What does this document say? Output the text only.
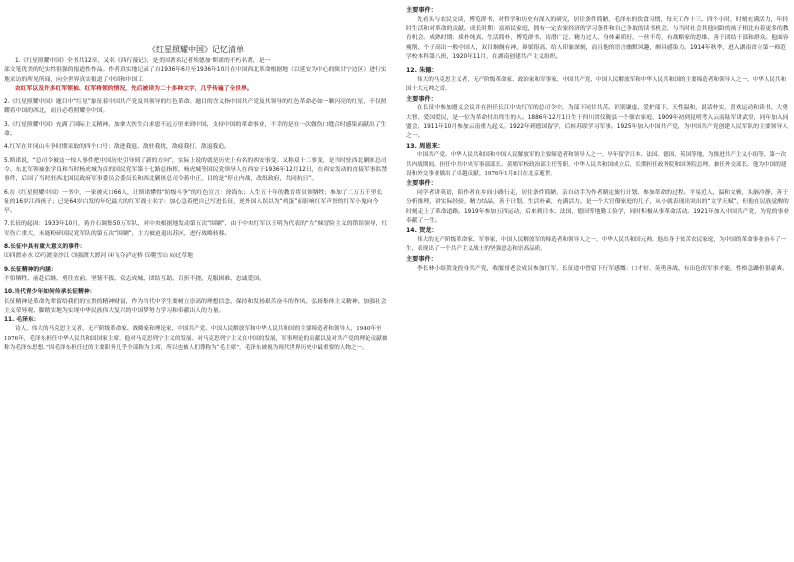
《红星照耀中国》记忆清单

1.《红星照耀中国》全书共12章，又名《西行漫记》，是美国著名记者埃德加·斯诺的不朽名著，是一

部文笔优美的纪实性很强的报道性作品。作者真实地记录了自1936年6月至1936年10月在中国西北革命根据地（以延安为中心的陕甘宁边区）进行实地采访的所见所闻，向全世界真实报道了中国和中国工

农红军以及许多红军领袖、红军将领的情况，先后被译为二十多种文字，几乎传遍了全世界。

2.《红星照耀中国》题目中“红星”象征着中国共产党及其领导的红色革命。题目的含义指中国共产党及其领导的红色革命必如一颗闪亮的红星，不仅照耀着中国的西北，而且必将照耀全中国。

3.《红星照耀中国》充满了国际主义精神。加拿大医生白求恩不远万里来到中国，支持中国的革命事业，不幸的是在一次做伤口缝合时感染而献出了生命。

4.红军在井冈山斗争时期采取的四个口号：敌进我退，敌驻我扰，敌疲我打，敌退我追。

5.斯诺说，“总司令被这一惊人事件把中国历史引导到了新的方向”，实际上说的就是历史上有名的西安事变。又称双十二事变，是当时驻西北剿匪总司令、东北军领袖张学良和当时杨虎城为首的国民党军第十七路总指挥，杨虎城等国民党领导人在西安于1936年12月12日，在西安发动的直接军事监禁事件，后国了当时驻西北国民政府军事委员会委员长和西北剿匪总司令蒋中正，目的是“停止内战，改组政府，共同抗日”。

6.在《红星照耀中国》一书中，一家被灭口66人，让斯诺懂得“阶级斗争”的红色宣言：徐海东；人生五十年的教育将员领牺牲；参加了二万五千里长征的16岁江西孩子；已是64岁白发的年纪最大的红军战士名字：加心急着把自己写进长征，逆外国人误以为“鸡蛋”而影响红军声誉的红军小鬼向今亭。

7.长征的起因：1933年10月，蒋介石调集50万军队，对中央根据地发动第五次“围剿”，由于中央红军以王明为代表的“左”倾冒险主义的错误领导，红军伤亡重大，未能粉碎国民党军队的第五次“围剿”，主力被迫退出苏区，进行战略转移。

8.长征中具有重大意义的事件：

⑴四渡赤水 ⑵巧渡金沙江 ⑶强渡大渡河 ⑷飞夺泸定桥 ⑸爬雪山 ⑹过草地

9.长征精神的内涵：

不怕牺牲、前赴后继、勇往直前、坚韧不拔、众志成城、团结互助、百折不挠、克服困难、忠诚爱国。

10.当代青少年如何传承长征精神：

长征精神是革命先辈留给我们的宝贵的精神财富，作为当代中学生要树立崇高的理想信念、保持和发扬艰苦奋斗的作风、弘扬集体主义精神、加强社会主义荣辱观、脚踏实地为实现中华民族伟大复兴的中国梦努力学习和奉献出人的力量。

11. 毛泽东：

诗人，伟大的马克思主义者，无产阶级革命家、战略家和理论家，中国共产党、中国人民解放军和中华人民共和国的主要缔造者和领导人，1940年至1976年，毛泽东担任中华人民共和国国家主席。他对马克思列宁主义的发展、对马克思列宁主义在中国的发展，军事理论的贡献以及对共产党的理论贡献被称为毛泽东思想。”因毛泽东担任过的主要职务几乎全部称为主席，所以也被人们尊称为“毛主席”，毛泽东被视为现代世界历史中最重要的人物之一。

主要事件：

先看头与农民交谈，博览群书，对哲学和历史有深入的研究，居住条件简陋，毛泽东的饮食习惯，每天工作十三、四个小时，时刻充满活力，年轻时生活和对革命的贡献。成长时期：富裕民家庭，拥有一定农家经济的学习条件和自己争取的读书机会，与当时社会其他同龄的孩子相比有着更多的教育机会。成熟时期：质朴纯真、生活简朴，博览群书、诗潜广泛、精力过人、身体素质好，一丝不苟，有战略家的思维、善于团结干部和群众。他面容瘦削、个子高出一般中国人，双目炯炯有神，鼻梁很高，给人印象深刻，而且他的语言幽默风趣，颇具感染力。1914年秋季，进入湖南省立第一师范学校本科第八班，1920年11月，在湖南创建共产主义组织。

12. 朱德：

伟大的马克思主义者，无产阶级革命家、政治家和军事家，中国共产党、中国人民解放军和中华人民共和国的主要缔造者和领导人之一，中华人民共和国十大元帅之首。

主要事件：

在长征中参加遵义会议并在担任长江中央红军的总司令中，为部下同甘共苦。识别谦虚、爱护部下、天性温和，说话朴实、喜欢运动和读书、大勇大智、爱国爱民，是一位为革命付出终生的人。1886年12月1日生于四川省仪陇县一个佃农家庭，1909年初到昆明考入云南陆军讲武堂，同年加入同盟会，1911年10月参加云南重九起义。1922年到德国留学，后转苏联学习军事。1925年加入中国共产党，为中国共产党创建人民军队的主要领导人之一。

13. 周恩来：

中国共产党、中华人民共和国和中国人民解放军的主要缔造者和领导人之一。早年留学日本、法国、德国，英国等地，为推进共产主义小组等，第一次共内战期间，担任中共中央军事部部长、黄埔军校政治部主任等职。中华人民共和国成立后，长期担任政务院和国务院总理，兼任外交部长。他为中国的建设和外交事业做出了卓越贡献。1976年1月8日在北京逝世。

主要事件：

同学者讲英语，陪作者在乡间小路行走，居住条件简陋，亲自动手为作者制定旅行计划，参加革命的过程。平易近人，温和文雅，头脑冷静，善于分析推理，讲实际经验，精力结晶，善于计划，生活朴素，充满活力。是一个大官僚家庭的儿子，从小就表现出突出的“文学天赋”，但他在民族觉醒的时刻走上了革命道路。1919年参加五四运动，后来到日本、法国、德国等地勤工俭学，同时积极从事革命活动。1921年加入中国共产党，为党的事业奉献了一生。

14. 贺龙：

伟大的无产阶级革命家、军事家，中国人民解放军的缔造者和领导人之一，中华人民共和国元帅。他出身于贫苦农民家庭，为中国的革命事业奋斗了一生，表现出了一个共产主义战士的坚强意志和崇高品质。

主要事件：

李长林小组贺龙投身共产党，收服哥老会成员参加红军，长征途中曾留下行军感慨：口才好、英勇善战、有出色的军事才能，性格急躁但很豪爽。
